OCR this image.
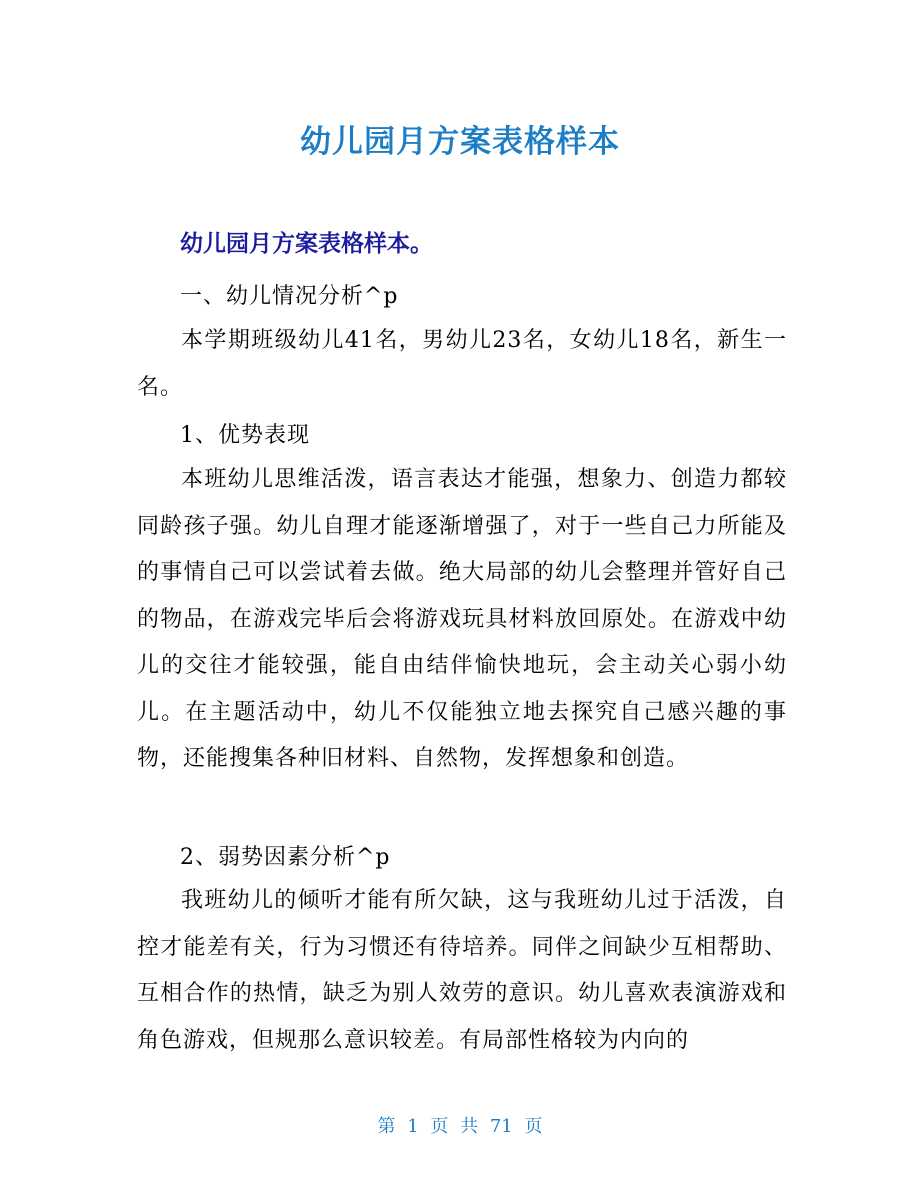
幼儿园月方案表格样本
幼儿园月方案表格样本。

一、幼儿情况分析^p

本学期班级幼儿41名，男幼儿23名，女幼儿18名，新生一名。

1、优势表现

本班幼儿思维活泼，语言表达才能强，想象力、创造力都较同龄孩子强。幼儿自理才能逐渐增强了，对于一些自己力所能及的事情自己可以尝试着去做。绝大局部的幼儿会整理并管好自己的物品，在游戏完毕后会将游戏玩具材料放回原处。在游戏中幼儿的交往才能较强，能自由结伴愉快地玩，会主动关心弱小幼儿。在主题活动中，幼儿不仅能独立地去探究自己感兴趣的事物，还能搜集各种旧材料、自然物，发挥想象和创造。

2、弱势因素分析^p

我班幼儿的倾听才能有所欠缺，这与我班幼儿过于活泼，自控才能差有关，行为习惯还有待培养。同伴之间缺少互相帮助、互相合作的热情，缺乏为别人效劳的意识。幼儿喜欢表演游戏和角色游戏，但规那么意识较差。有局部性格较为内向的

第 1 页 共 71 页
